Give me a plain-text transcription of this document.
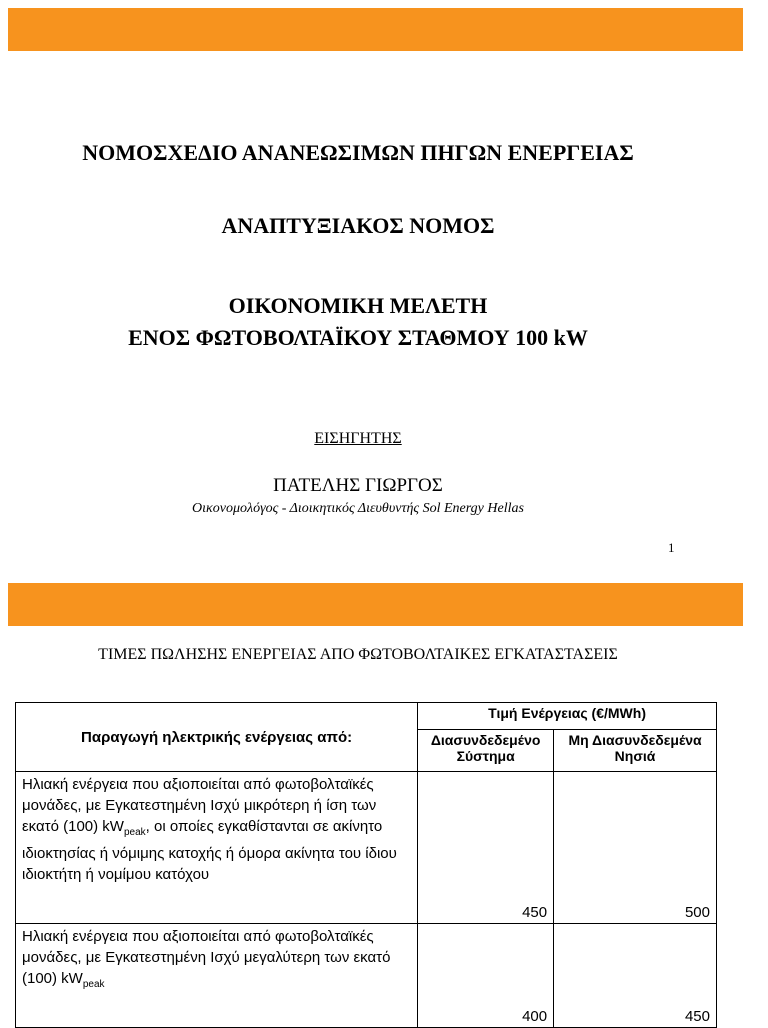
ΝΟΜΟΣΧΕΔΙΟ ΑΝΑΝΕΩΣΙΜΩΝ ΠΗΓΩΝ ΕΝΕΡΓΕΙΑΣ
ΑΝΑΠΤΥΞΙΑΚΟΣ ΝΟΜΟΣ
ΟΙΚΟΝΟΜΙΚΗ ΜΕΛΕΤΗ
ΕΝΟΣ ΦΩΤΟΒΟΛΤΑΪΚΟΥ ΣΤΑΘΜΟΥ 100 kW
ΕΙΣΗΓΗΤΗΣ
ΠΑΤΕΛΗΣ ΓΙΩΡΓΟΣ
Οικονομολόγος - Διοικητικός Διευθυντής Sol Energy Hellas
1
ΤΙΜΕΣ ΠΩΛΗΣΗΣ ΕΝΕΡΓΕΙΑΣ ΑΠΟ ΦΩΤΟΒΟΛΤΑΙΚΕΣ ΕΓΚΑΤΑΣΤΑΣΕΙΣ
Παραγωγή ηλεκτρικής ενέργειας από:	Τιμή Ενέργειας (€/MWh)	
	Διασυνδεδεμένο Σύστημα	Μη Διασυνδεδεμένα Νησιά
Ηλιακή ενέργεια που αξιοποιείται από φωτοβολταϊκές μονάδες, με Εγκατεστημένη Ισχύ μικρότερη ή ίση των εκατό (100) $kW_{peak}$, οι οποίες εγκαθίστανται σε ακίνητο ιδιοκτησίας ή νόμιμης κατοχής ή όμορα ακίνητα του ίδιου ιδιοκτήτη ή νομίμου κατόχου	450	500
Ηλιακή ενέργεια που αξιοποιείται από φωτοβολταϊκές μονάδες, με Εγκατεστημένη Ισχύ μεγαλύτερη των εκατό (100) $kW_{peak}$	400	450
